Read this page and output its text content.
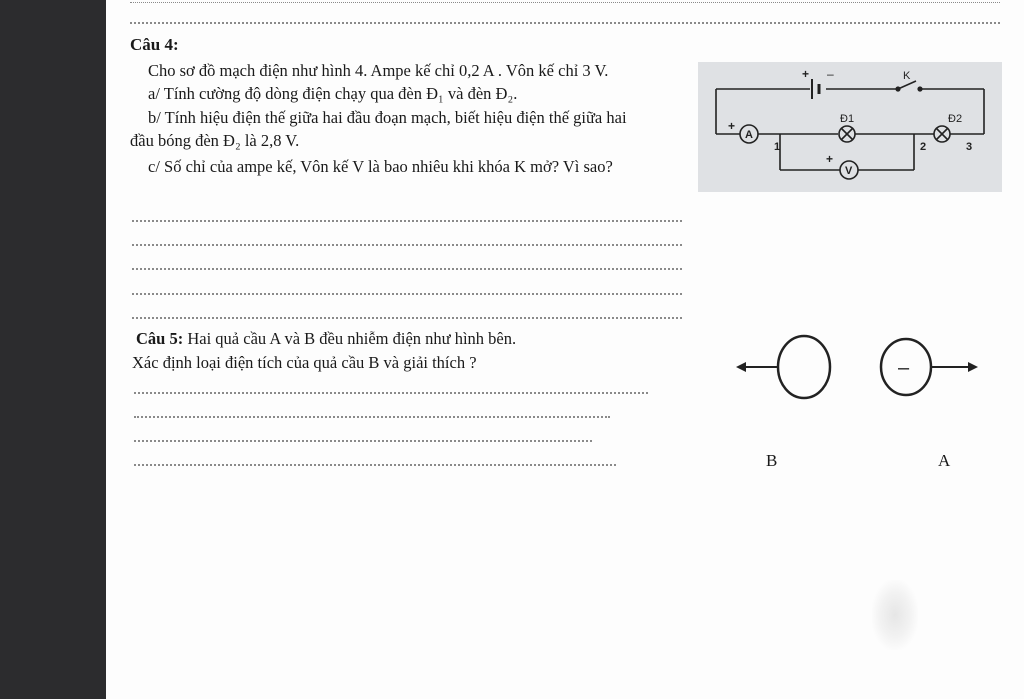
Câu 4:
Cho sơ đồ mạch điện như hình 4. Ampe kế chỉ 0,2 A . Vôn kế chỉ 3 V.
a/ Tính cường độ dòng điện chạy qua đèn Đ₁ và đèn Đ₂.
b/ Tính hiệu điện thế giữa hai đầu đoạn mạch, biết hiệu điện thế giữa hai
đầu bóng đèn Đ₂ là 2,8 V.
c/ Số chỉ của ampe kế, Vôn kế V là bao nhiêu khi khóa K mở? Vì sao?
+ –	K
Đ1	Đ2
A
+
V
+
1	2	3
Câu 5: Hai quả cầu A và B đều nhiễm điện như hình bên.
Xác định loại điện tích của quả cầu B và giải thích ?	–
B	A
